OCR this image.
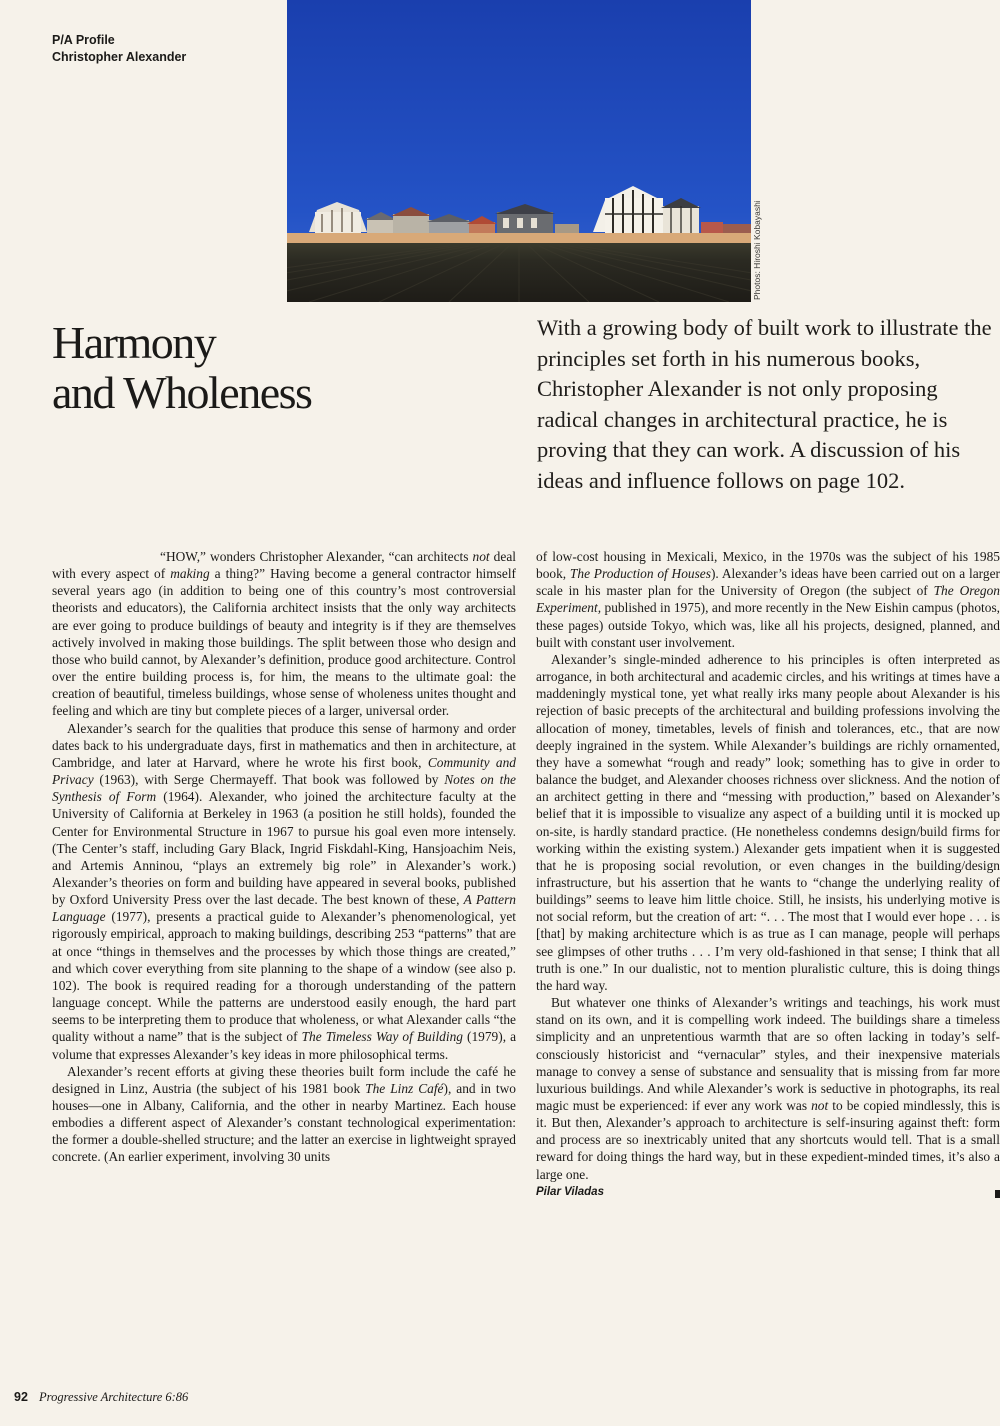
P/A Profile
Christopher Alexander
Photos: Hiroshi Kobayashi
Harmony
and Wholeness

With a growing body of built work to illustrate the principles set forth in his numerous books, Christopher Alexander is not only proposing radical changes in architectural practice, he is proving that they can work. A discussion of his ideas and influence follows on page 102.

“HOW,” wonders Christopher Alexander, “can architects not deal with every aspect of making a thing?” Having become a general contractor himself several years ago (in addition to being one of this country’s most controversial theorists and educators), the California architect insists that the only way architects are ever going to produce buildings of beauty and integrity is if they are themselves actively involved in making those buildings. The split between those who design and those who build cannot, by Alexander’s definition, produce good architecture. Control over the entire building process is, for him, the means to the ultimate goal: the creation of beautiful, timeless buildings, whose sense of wholeness unites thought and feeling and which are tiny but complete pieces of a larger, universal order.

Alexander’s search for the qualities that produce this sense of harmony and order dates back to his undergraduate days, first in mathematics and then in architecture, at Cambridge, and later at Harvard, where he wrote his first book, Community and Privacy (1963), with Serge Chermayeff. That book was followed by Notes on the Synthesis of Form (1964). Alexander, who joined the architecture faculty at the University of California at Berkeley in 1963 (a position he still holds), founded the Center for Environmental Structure in 1967 to pursue his goal even more intensely. (The Center’s staff, including Gary Black, Ingrid Fiskdahl-King, Hansjoachim Neis, and Artemis Anninou, “plays an extremely big role” in Alexander’s work.) Alexander’s theories on form and building have appeared in several books, published by Oxford University Press over the last decade. The best known of these, A Pattern Language (1977), presents a practical guide to Alexander’s phenomenological, yet rigorously empirical, approach to making buildings, describing 253 “patterns” that are at once “things in themselves and the processes by which those things are created,” and which cover everything from site planning to the shape of a window (see also p. 102). The book is required reading for a thorough understanding of the pattern language concept. While the patterns are understood easily enough, the hard part seems to be interpreting them to produce that wholeness, or what Alexander calls “the quality without a name” that is the subject of The Timeless Way of Building (1979), a volume that expresses Alexander’s key ideas in more philosophical terms.

Alexander’s recent efforts at giving these theories built form include the café he designed in Linz, Austria (the subject of his 1981 book The Linz Café), and in two houses—one in Albany, California, and the other in nearby Martinez. Each house embodies a different aspect of Alexander’s constant technological experimentation: the former a double-shelled structure; and the latter an exercise in lightweight sprayed concrete. (An earlier experiment, involving 30 units

of low-cost housing in Mexicali, Mexico, in the 1970s was the subject of his 1985 book, The Production of Houses). Alexander’s ideas have been carried out on a larger scale in his master plan for the University of Oregon (the subject of The Oregon Experiment, published in 1975), and more recently in the New Eishin campus (photos, these pages) outside Tokyo, which was, like all his projects, designed, planned, and built with constant user involvement.

Alexander’s single-minded adherence to his principles is often interpreted as arrogance, in both architectural and academic circles, and his writings at times have a maddeningly mystical tone, yet what really irks many people about Alexander is his rejection of basic precepts of the architectural and building professions involving the allocation of money, timetables, levels of finish and tolerances, etc., that are now deeply ingrained in the system. While Alexander’s buildings are richly ornamented, they have a somewhat “rough and ready” look; something has to give in order to balance the budget, and Alexander chooses richness over slickness. And the notion of an architect getting in there and “messing with production,” based on Alexander’s belief that it is impossible to visualize any aspect of a building until it is mocked up on-site, is hardly standard practice. (He nonetheless condemns design/build firms for working within the existing system.) Alexander gets impatient when it is suggested that he is proposing social revolution, or even changes in the building/design infrastructure, but his assertion that he wants to “change the underlying reality of buildings” seems to leave him little choice. Still, he insists, his underlying motive is not social reform, but the creation of art: “. . . The most that I would ever hope . . . is [that] by making architecture which is as true as I can manage, people will perhaps see glimpses of other truths . . . I’m very old-fashioned in that sense; I think that all truth is one.” In our dualistic, not to mention pluralistic culture, this is doing things the hard way.

But whatever one thinks of Alexander’s writings and teachings, his work must stand on its own, and it is compelling work indeed. The buildings share a timeless simplicity and an unpretentious warmth that are so often lacking in today’s self-consciously historicist and “vernacular” styles, and their inexpensive materials manage to convey a sense of substance and sensuality that is missing from far more luxurious buildings. And while Alexander’s work is seductive in photographs, its real magic must be experienced: if ever any work was not to be copied mindlessly, this is it. But then, Alexander’s approach to architecture is self-insuring against theft: form and process are so inextricably united that any shortcuts would tell. That is a small reward for doing things the hard way, but in these expedient-minded times, it’s also a large one.

Pilar Viladas
92 Progressive Architecture 6:86
